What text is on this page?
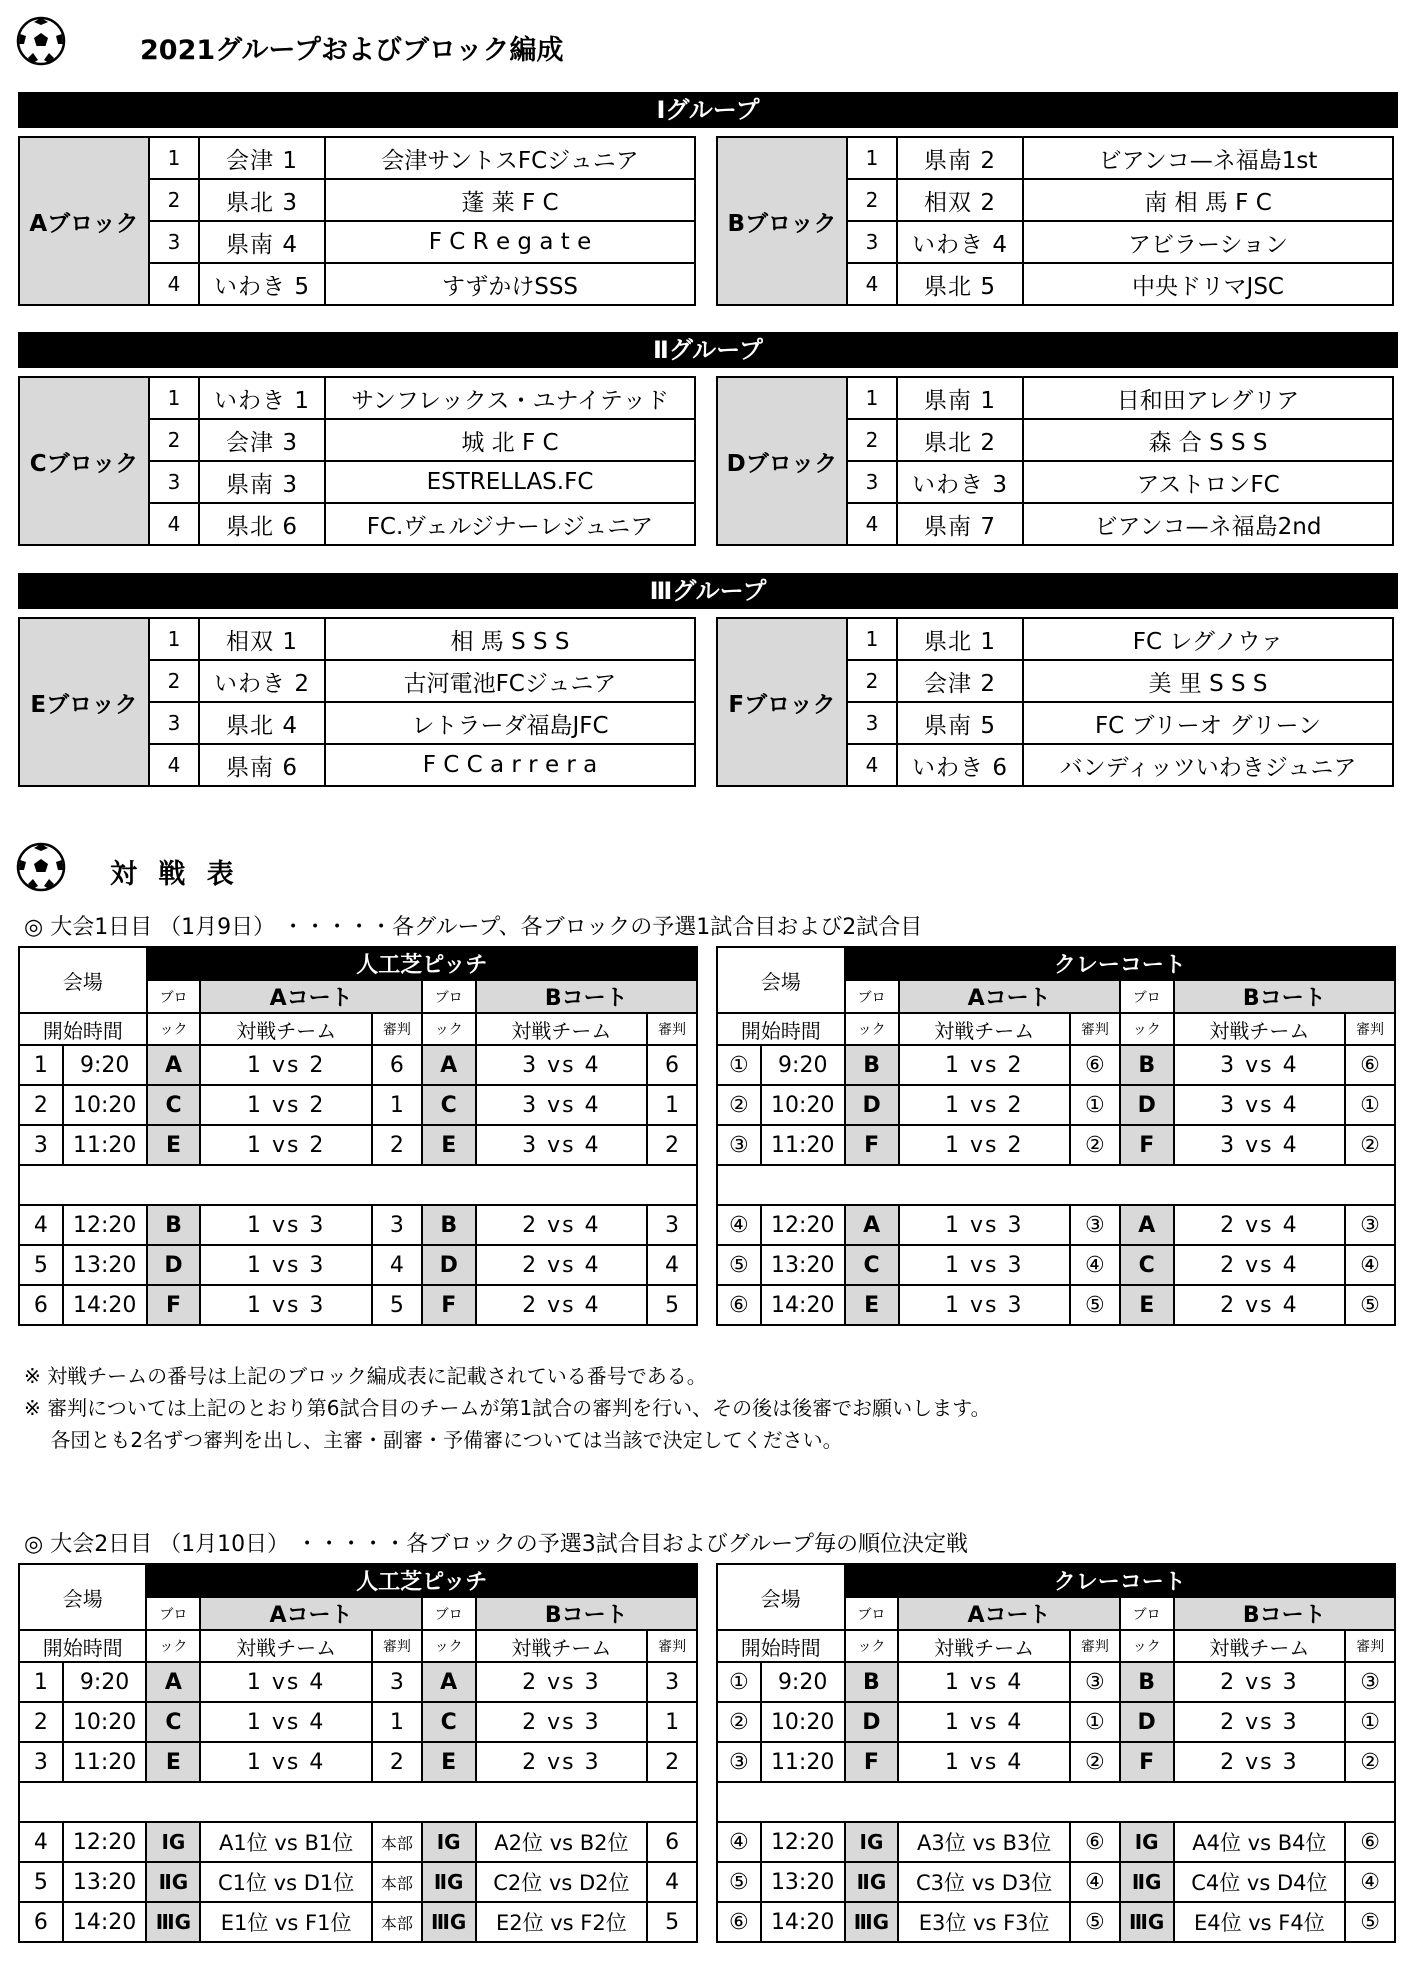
2021グループおよびブロック編成
Ⅰグループ
Aブロック	1	会津 1	会津サントスFCジュニア
	2	県北 3	蓬 莱 F C
	3	県南 4	F C R e g a t e
	4	いわき 5	すずかけSSS
Bブロック	1	県南 2	ビアンコ—ネ福島1st
	2	相双 2	南 相 馬 F C
	3	いわき 4	アビラーション
	4	県北 5	中央ドリマJSC
Ⅱグループ
Cブロック	1	いわき 1	サンフレックス・ユナイテッド
	2	会津 3	城 北 F C
	3	県南 3	ESTRELLAS.FC
	4	県北 6	FC.ヴェルジナーレジュニア
Dブロック	1	県南 1	日和田アレグリア
	2	県北 2	森 合 S S S
	3	いわき 3	アストロンFC
	4	県南 7	ビアンコ—ネ福島2nd
Ⅲグループ
Eブロック	1	相双 1	相 馬 S S S
	2	いわき 2	古河電池FCジュニア
	3	県北 4	レトラーダ福島JFC
	4	県南 6	F C C a r r e r a
Fブロック	1	県北 1	FC レグノウァ
	2	会津 2	美 里 S S S
	3	県南 5	FC ブリーオ グリーン
	4	いわき 6	バンディッツいわきジュニア
対 戦 表
◎ 大会1日目 （1月9日） ・・・・・各グループ、各ブロックの予選1試合目および2試合目
会場		人工芝ピッチ					
		ブロ	Aコート		ブロ	Bコート	
開始時間		ック	対戦チーム	審判	ック	対戦チーム	審判
1	9:20	A	1 vs 2	6	A	3 vs 4	6
2	10:20	C	1 vs 2	1	C	3 vs 4	1
3	11:20	E	1 vs 2	2	E	3 vs 4	2

4	12:20	B	1 vs 3	3	B	2 vs 4	3
5	13:20	D	1 vs 3	4	D	2 vs 4	4
6	14:20	F	1 vs 3	5	F	2 vs 4	5
会場		クレーコート					
		ブロ	Aコート		ブロ	Bコート	
開始時間		ック	対戦チーム	審判	ック	対戦チーム	審判
①	9:20	B	1 vs 2	⑥	B	3 vs 4	⑥
②	10:20	D	1 vs 2	①	D	3 vs 4	①
③	11:20	F	1 vs 2	②	F	3 vs 4	②

④	12:20	A	1 vs 3	③	A	2 vs 4	③
⑤	13:20	C	1 vs 3	④	C	2 vs 4	④
⑥	14:20	E	1 vs 3	⑤	E	2 vs 4	⑤
※ 対戦チームの番号は上記のブロック編成表に記載されている番号である。
※ 審判については上記のとおり第6試合目のチームが第1試合の審判を行い、その後は後審でお願いします。
　 各団とも2名ずつ審判を出し、主審・副審・予備審については当該で決定してください。
◎ 大会2日目 （1月10日） ・・・・・各ブロックの予選3試合目およびグループ毎の順位決定戦
会場		人工芝ピッチ					
		ブロ	Aコート		ブロ	Bコート	
開始時間		ック	対戦チーム	審判	ック	対戦チーム	審判
1	9:20	A	1 vs 4	3	A	2 vs 3	3
2	10:20	C	1 vs 4	1	C	2 vs 3	1
3	11:20	E	1 vs 4	2	E	2 vs 3	2

4	12:20	ⅠG	A1位 vs B1位	本部	ⅠG	A2位 vs B2位	6
5	13:20	ⅡG	C1位 vs D1位	本部	ⅡG	C2位 vs D2位	4
6	14:20	ⅢG	E1位 vs F1位	本部	ⅢG	E2位 vs F2位	5
会場		クレーコート					
		ブロ	Aコート		ブロ	Bコート	
開始時間		ック	対戦チーム	審判	ック	対戦チーム	審判
①	9:20	B	1 vs 4	③	B	2 vs 3	③
②	10:20	D	1 vs 4	①	D	2 vs 3	①
③	11:20	F	1 vs 4	②	F	2 vs 3	②

④	12:20	ⅠG	A3位 vs B3位	⑥	ⅠG	A4位 vs B4位	⑥
⑤	13:20	ⅡG	C3位 vs D3位	④	ⅡG	C4位 vs D4位	④
⑥	14:20	ⅢG	E3位 vs F3位	⑤	ⅢG	E4位 vs F4位	⑤
